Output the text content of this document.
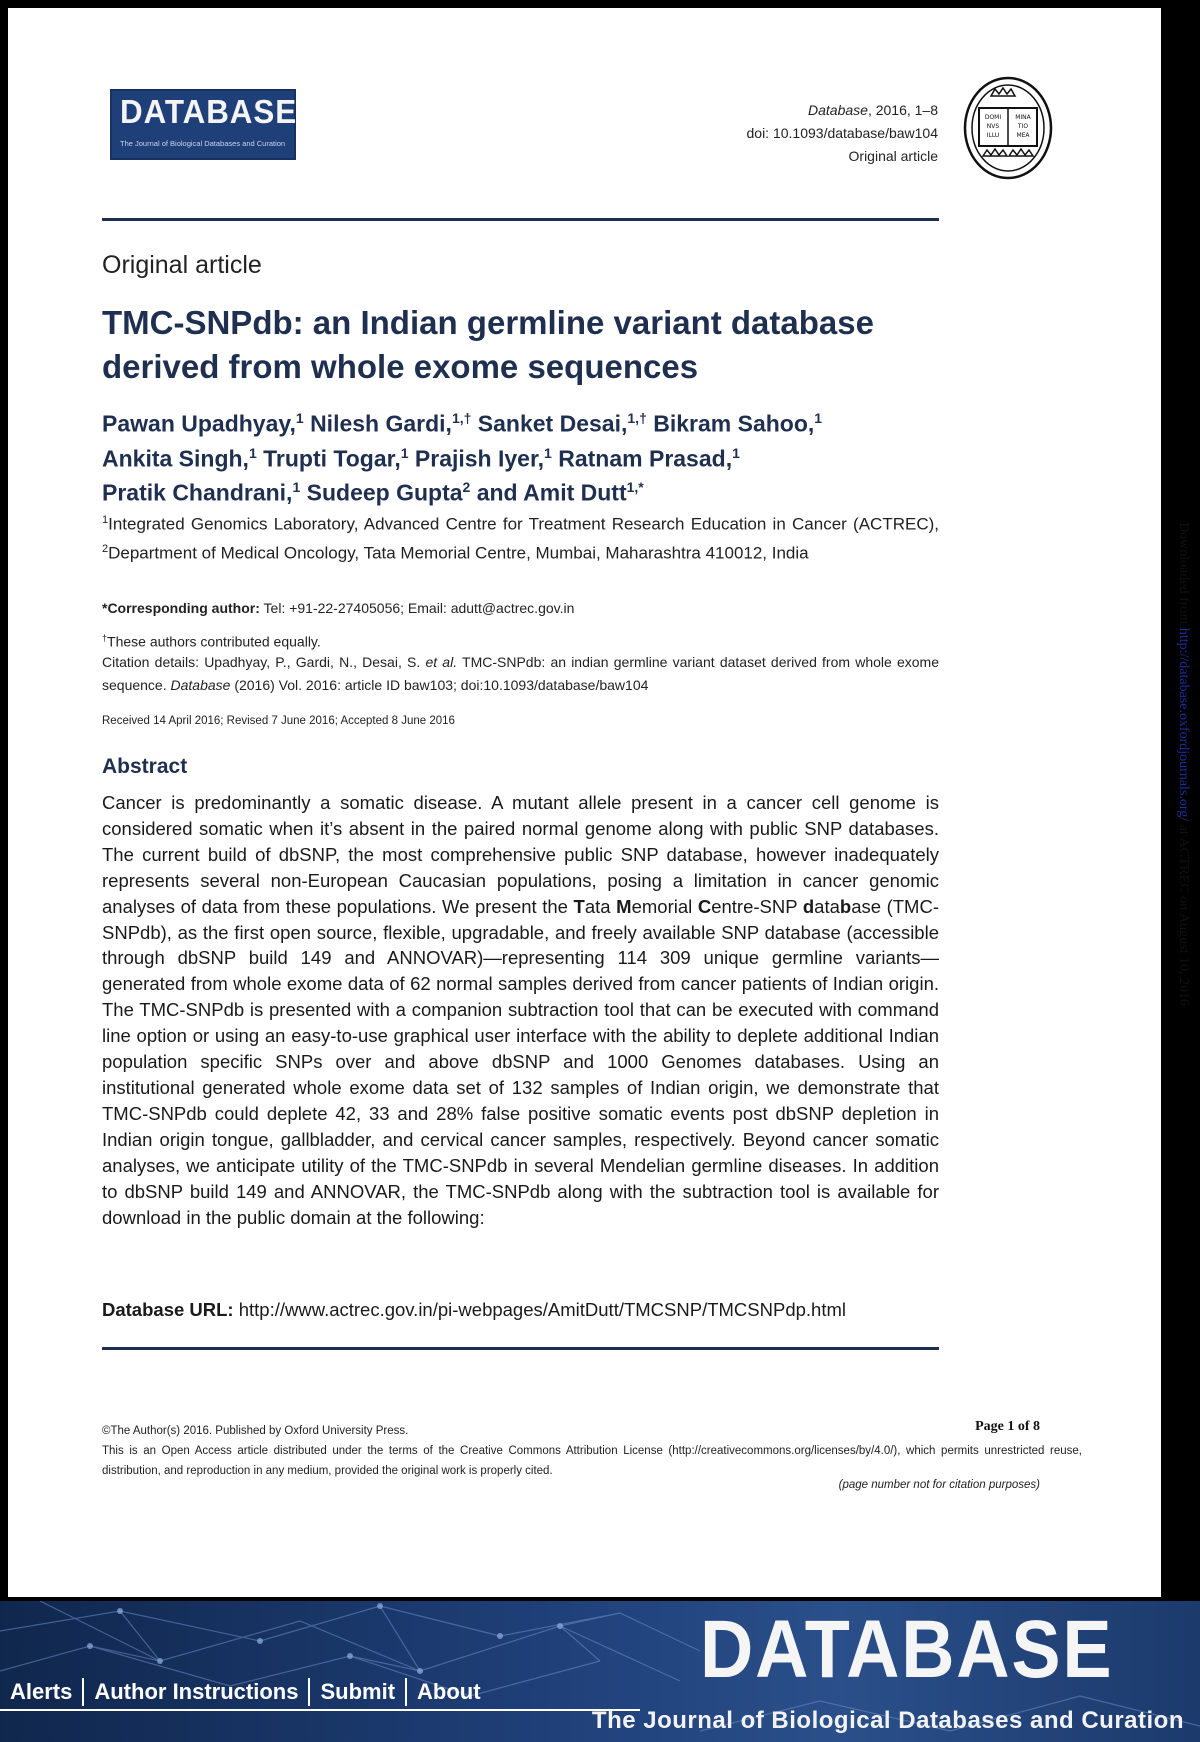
DATABASE
The Journal of Biological Databases and Curation
Database, 2016, 1–8
doi: 10.1093/database/baw104
Original article
DOMI
NVS
ILLU
MINA
TIO
MEA
Original article
TMC-SNPdb: an Indian germline variant database derived from whole exome sequences
Pawan Upadhyay,$^1$ Nilesh Gardi,$^{1,\dagger}$ Sanket Desai,$^{1,\dagger}$ Bikram Sahoo,$^1$
Ankita Singh,$^1$ Trupti Togar,$^1$ Prajish Iyer,$^1$ Ratnam Prasad,$^1$
Pratik Chandrani,$^1$ Sudeep Gupta$^2$ and Amit Dutt$^{1,*}$
$^1$Integrated Genomics Laboratory, Advanced Centre for Treatment Research Education in Cancer (ACTREC), $^2$Department of Medical Oncology, Tata Memorial Centre, Mumbai, Maharashtra 410012, India
*Corresponding author: Tel: +91-22-27405056; Email: adutt@actrec.gov.in
†These authors contributed equally.
Citation details: Upadhyay, P., Gardi, N., Desai, S. et al. TMC-SNPdb: an indian germline variant dataset derived from whole exome sequence. Database (2016) Vol. 2016: article ID baw103; doi:10.1093/database/baw104
Received 14 April 2016; Revised 7 June 2016; Accepted 8 June 2016
Abstract
Cancer is predominantly a somatic disease. A mutant allele present in a cancer cell genome is considered somatic when it’s absent in the paired normal genome along with public SNP databases. The current build of dbSNP, the most comprehensive public SNP database, however inadequately represents several non-European Caucasian populations, posing a limitation in cancer genomic analyses of data from these populations. We present the Tata Memorial Centre-SNP database (TMC-SNPdb), as the first open source, flexible, upgradable, and freely available SNP database (accessible through dbSNP build 149 and ANNOVAR)—representing 114 309 unique germline variants—generated from whole exome data of 62 normal samples derived from cancer patients of Indian origin. The TMC-SNPdb is presented with a companion subtraction tool that can be executed with command line option or using an easy-to-use graphical user interface with the ability to deplete additional Indian population specific SNPs over and above dbSNP and 1000 Genomes databases. Using an institutional generated whole exome data set of 132 samples of Indian origin, we demonstrate that TMC-SNPdb could deplete 42, 33 and 28% false positive somatic events post dbSNP depletion in Indian origin tongue, gallbladder, and cervical cancer samples, respectively. Beyond cancer somatic analyses, we anticipate utility of the TMC-SNPdb in several Mendelian germline diseases. In addition to dbSNP build 149 and ANNOVAR, the TMC-SNPdb along with the subtraction tool is available for download in the public domain at the following:
Database URL: http://www.actrec.gov.in/pi-webpages/AmitDutt/TMCSNP/TMCSNPdp.html
©The Author(s) 2016. Published by Oxford University Press.
This is an Open Access article distributed under the terms of the Creative Commons Attribution License (http://creativecommons.org/licenses/by/4.0/), which permits unrestricted reuse, distribution, and reproduction in any medium, provided the original work is properly cited.
Page 1 of 8
(page number not for citation purposes)
Downloaded from http://database.oxfordjournals.org/ at ACTREC on August 10, 2016
Alerts	Author Instructions	Submit	About	DATABASE
The Journal of Biological Databases and Curation
